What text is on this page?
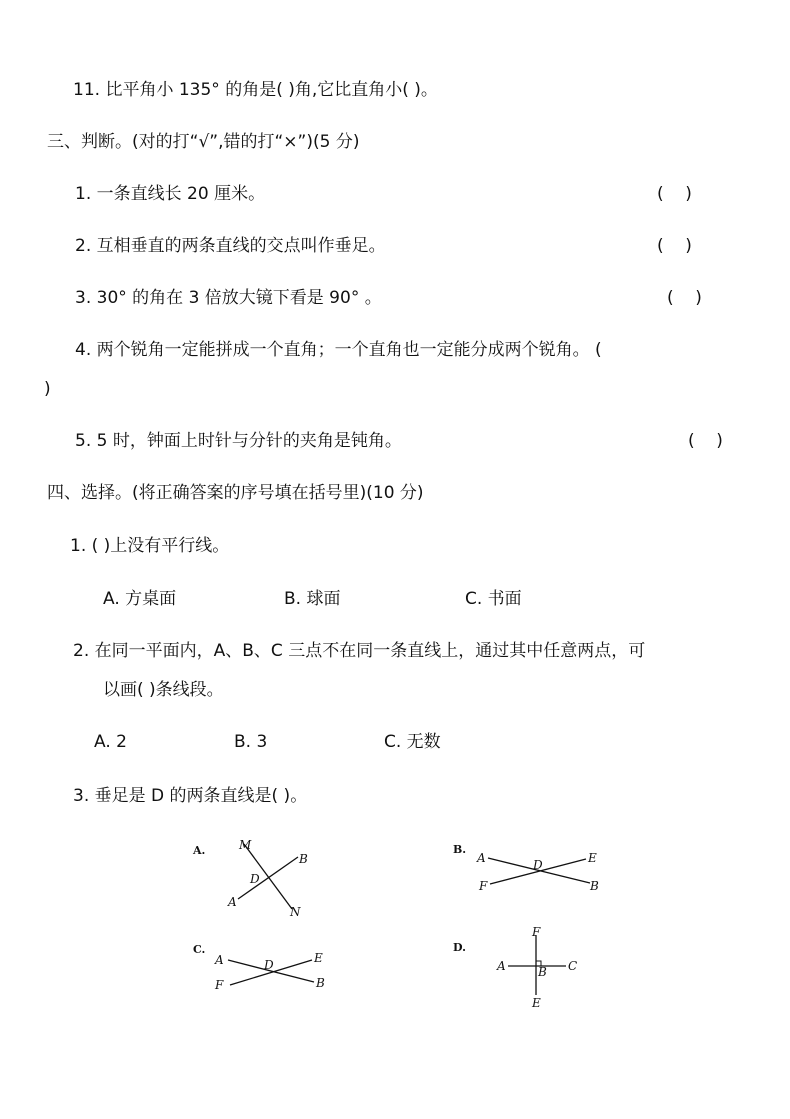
11. 比平角小 135° 的角是( )角,它比直角小( )。
三、判断。(对的打“√”,错的打“×”)(5 分)
1. 一条直线长 20 厘米。	(    )
2. 互相垂直的两条直线的交点叫作垂足。	(    )
3. 30° 的角在 3 倍放大镜下看是 90° 。	(    )
4. 两个锐角一定能拼成一个直角；一个直角也一定能分成两个锐角。 (
)
5. 5 时，钟面上时针与分针的夹角是钝角。	(    )
四、选择。(将正确答案的序号填在括号里)(10 分)
1. ( )上没有平行线。
A. 方桌面	B. 球面	C. 书面
2. 在同一平面内，A、B、C 三点不在同一条直线上，通过其中任意两点，可
以画( )条线段。
A. 2	B. 3	C. 无数
3. 垂足是 D 的两条直线是( )。
A.	M
B
D
A
N
B.
A	D	E
F	B
C.
A	D	E
F	B
D.
F
A	B C
E
